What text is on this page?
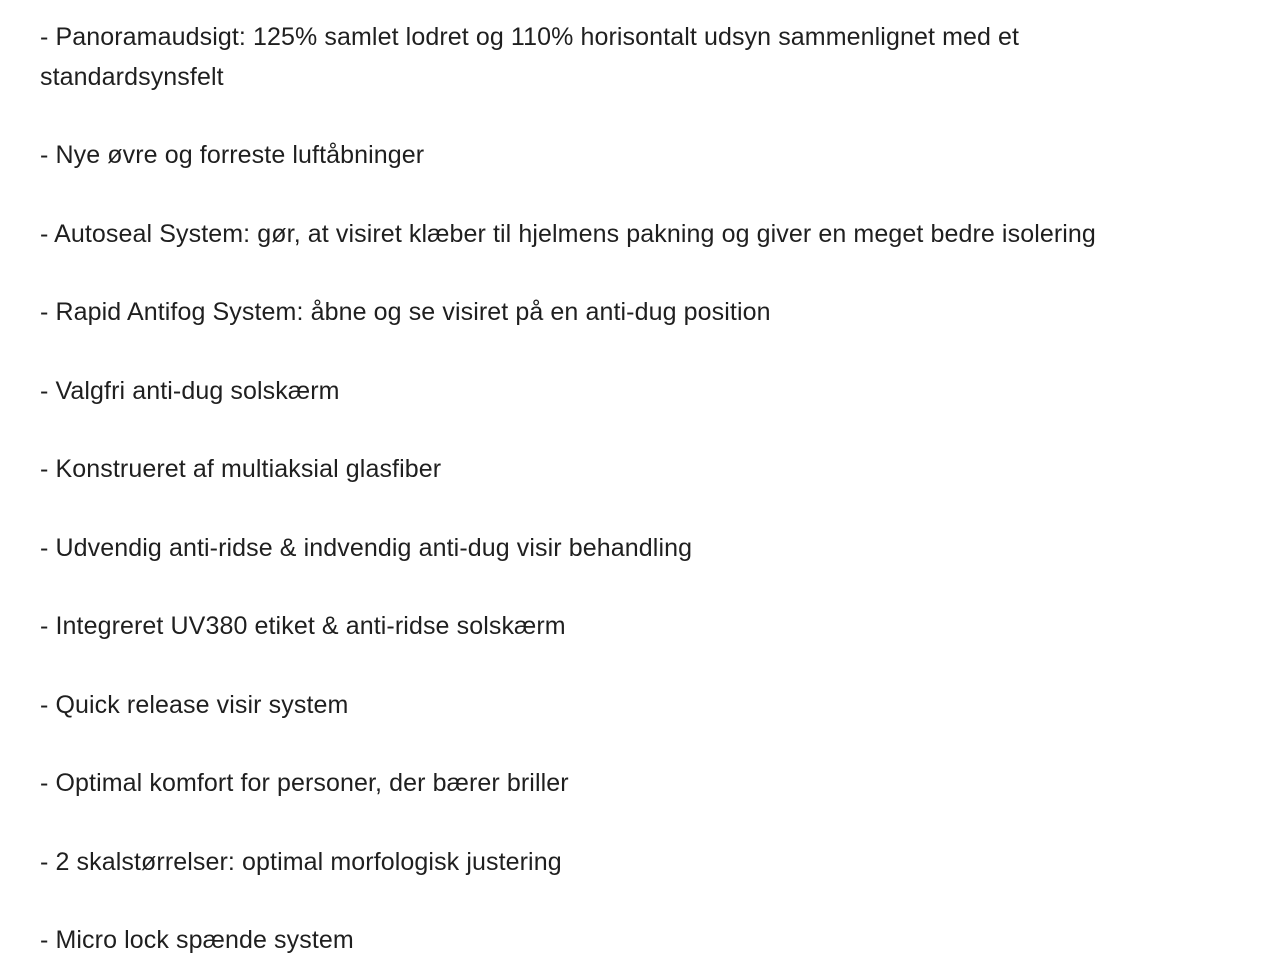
- Panoramaudsigt: 125% samlet lodret og 110% horisontalt udsyn sammenlignet med et standardsynsfelt

- Nye øvre og forreste luftåbninger

- Autoseal System: gør, at visiret klæber til hjelmens pakning og giver en meget bedre isolering

- Rapid Antifog System: åbne og se visiret på en anti-dug position

- Valgfri anti-dug solskærm

- Konstrueret af multiaksial glasfiber

- Udvendig anti-ridse & indvendig anti-dug visir behandling

- Integreret UV380 etiket & anti-ridse solskærm

- Quick release visir system

- Optimal komfort for personer, der bærer briller

- 2 skalstørrelser: optimal morfologisk justering

- Micro lock spænde system
